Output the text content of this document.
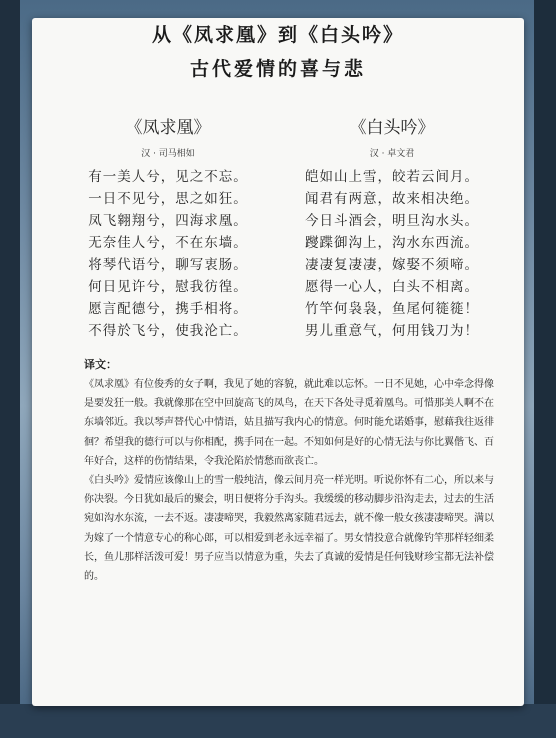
从《凤求凰》到《白头吟》
古代爱情的喜与悲
《凤求凰》
汉 · 司马相如
有一美人兮，见之不忘。
一日不见兮，思之如狂。
凤飞翱翔兮，四海求凰。
无奈佳人兮，不在东墙。
将琴代语兮，聊写衷肠。
何日见许兮，慰我彷徨。
愿言配德兮，携手相将。
不得於飞兮，使我沦亡。
《白头吟》
汉 · 卓文君
皑如山上雪，皎若云间月。
闻君有两意，故来相决绝。
今日斗酒会，明旦沟水头。
躞蹀御沟上，沟水东西流。
凄凄复凄凄，嫁娶不须啼。
愿得一心人，白头不相离。
竹竿何袅袅，鱼尾何簁簁！
男儿重意气，何用钱刀为！
译文：

《凤求凰》有位俊秀的女子啊，我见了她的容貌，就此难以忘怀。一日不见她，心中牵念得像是要发狂一般。我就像那在空中回旋高飞的凤鸟，在天下各处寻觅着凰鸟。可惜那美人啊不在东墙邻近。我以琴声替代心中情语，姑且描写我内心的情意。何时能允诺婚事，慰藉我往返徘徊？希望我的德行可以与你相配，携手同在一起。不知如何是好的心情无法与你比翼偕飞、百年好合，这样的伤情结果，令我沦陷於情愁而欲丧亡。

《白头吟》爱情应该像山上的雪一般纯洁，像云间月亮一样光明。听说你怀有二心，所以来与你决裂。今日犹如最后的聚会，明日便将分手沟头。我缓缓的移动脚步沿沟走去，过去的生活宛如沟水东流，一去不返。凄凄啼哭，我毅然离家随君远去，就不像一般女孩凄凄啼哭。满以为嫁了一个情意专心的称心郎，可以相爱到老永远幸福了。男女情投意合就像钓竿那样轻细柔长，鱼儿那样活泼可爱！男子应当以情意为重，失去了真诚的爱情是任何钱财珍宝都无法补偿的。
